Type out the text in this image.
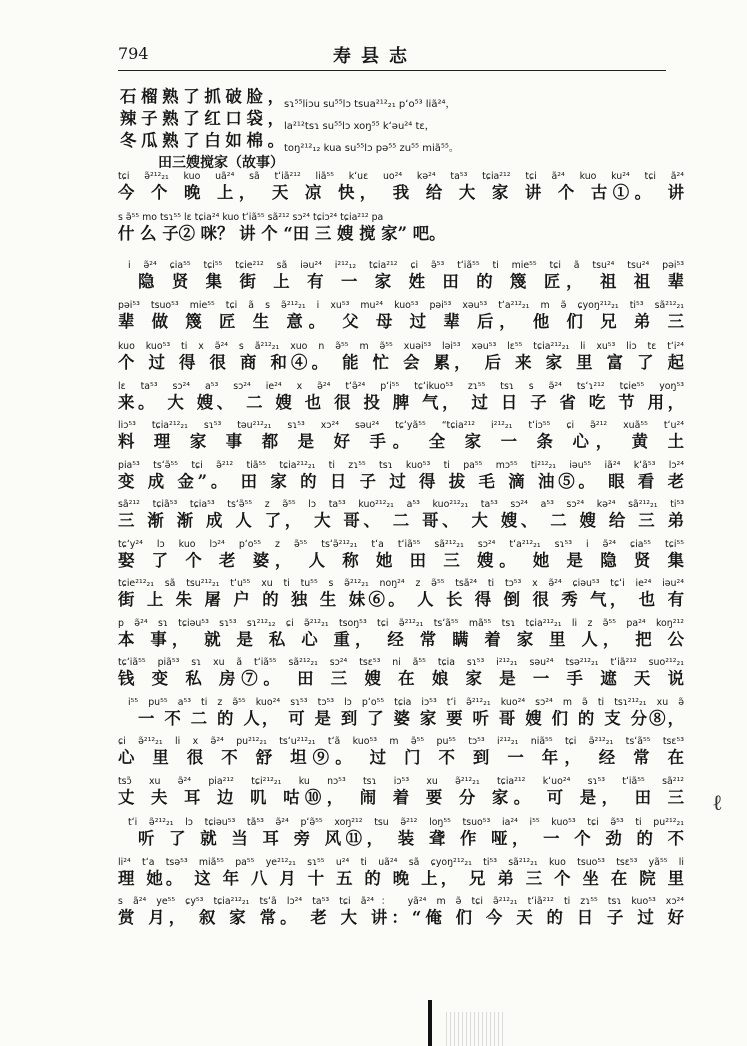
794	寿县志
石榴熟了抓破脸，sɿ⁵⁵liɔu su⁵⁵lɔ tsua²¹²₂₁ pʻo⁵³ liã²⁴，
辣子熟了红口袋，la²¹²tsɿ su⁵⁵lɔ xoŋ⁵⁵ kʻəu²⁴ tɛ，
冬瓜熟了白如棉。toŋ²¹²₁₂ kua su⁵⁵lɔ pə⁵⁵ zu⁵⁵ miã⁵⁵。
田三嫂搅家（故事）
tɕi ə̃²¹²₂₁ kuo uã²⁴ sã tʻiã²¹² liã⁵⁵ kʻuɛ uo²⁴ kə²⁴ ta⁵³ tɕia²¹² tɕi ã²⁴ kuo ku²⁴ tɕi ã²⁴
今 个 晚 上， 天 凉 快， 我 给 大 家 讲 个 古①。 讲
s ə̃⁵⁵ mo tsɿ⁵⁵ lɛ tɕia²⁴ kuo tʻiã⁵⁵ sã²¹² sɔ²⁴ tɕiɔ²⁴ tɕia²¹² pa
什 么 子② 咪？ 讲 个 “田 三 嫂 搅 家” 吧。
i ə̃²⁴ ɕia⁵⁵ tɕi⁵⁵ tɕie²¹² sã iəu²⁴ i²¹²₁₂ tɕia²¹² ɕi ə̃⁵³ tʻiã⁵⁵ ti mie⁵⁵ tɕi ã tsu²⁴ tsu²⁴ pəi⁵³
隐 贤 集 街 上 有 一 家 姓 田 的 篾 匠， 祖 祖 辈
pəi⁵³ tsuo⁵³ mie⁵⁵ tɕi ã s ə̃²¹²₂₁ i xu⁵³ mu²⁴ kuo⁵³ pəi⁵³ xəu⁵³ tʻa²¹²₂₁ m ə̃ ɕyoŋ²¹²₂₁ ti⁵³ sã²¹²₂₁
辈 做 篾 匠 生 意。 父 母 过 辈 后， 他 们 兄 弟 三
kuo kuo⁵³ ti x ə̃²⁴ s ã²¹²₂₁ xuo n ə̃⁵⁵ m ə̃⁵⁵ xuəi⁵³ ləi⁵³ xəu⁵³ lɛ⁵⁵ tɕia²¹²₂₁ li xu⁵³ liɔ tɛ tʻi²⁴
个 过 得 很 商 和④。 能 忙 会 累， 后 来 家 里 富 了 起
lɛ ta⁵³ sɔ²⁴ a⁵³ sɔ²⁴ ie²⁴ x ə̃²⁴ tʻə̃²⁴ pʻi⁵⁵ tɕʻikuo⁵³ zɿ⁵⁵ tsɿ s ə̃²⁴ tsʻɿ²¹² tɕie⁵⁵ yoŋ⁵³
来。 大 嫂、 二 嫂 也 很 投 脾 气， 过 日 子 省 吃 节 用，
liɔ⁵³ tɕia²¹²₂₁ sɿ⁵³ təu²¹²₂₁ sɿ⁵³ xɔ²⁴ səu²⁴ tɕʻyã⁵⁵ “tɕia²¹² i²¹²₂₁ tʻiɔ⁵⁵ ɕi ə̃²¹² xuã⁵⁵ tʻu²⁴
料 理 家 事 都 是 好 手。 全 家 一 条 心， 黄 土
pia⁵³ tsʻə̃⁵⁵ tɕi ə̃²¹² tiã⁵⁵ tɕia²¹²₂₁ ti zɿ⁵⁵ tsɿ kuo⁵³ ti pa⁵⁵ mɔ⁵⁵ ti²¹²₂₁ iəu⁵⁵ iã²⁴ kʻã⁵³ lɔ²⁴
变 成 金”。 田 家 的 日 子 过 得 拔 毛 滴 油⑤。 眼 看 老
sã²¹² tɕiã⁵³ tɕia⁵³ tsʻə̃⁵⁵ z ə̃⁵⁵ lɔ ta⁵³ kuo²¹²₂₁ a⁵³ kuo²¹²₂₁ ta⁵³ sɔ²⁴ a⁵³ sɔ²⁴ kə²⁴ sã²¹²₂₁ ti⁵³
三 渐 渐 成 人 了， 大 哥、 二 哥、 大 嫂、 二 嫂 给 三 弟
tɕʻy²⁴ lɔ kuo lɔ²⁴ pʻo⁵⁵ z ə̃⁵⁵ tsʻə̃²¹²₂₁ tʻa tʻiã⁵⁵ sã²¹²₂₁ sɔ²⁴ tʻa²¹²₂₁ sɿ⁵³ i ə̃²⁴ ɕia⁵⁵ tɕi⁵⁵
娶 了 个 老 婆， 人 称 她 田 三 嫂。 她 是 隐 贤 集
tɕie²¹²₂₁ sã tsu²¹²₂₁ tʻu⁵⁵ xu ti tu⁵⁵ s ə̃²¹²₂₁ noŋ²⁴ z ə̃⁵⁵ tsã²⁴ ti tɔ⁵³ x ə̃²⁴ ɕiəu⁵³ tɕʻi ie²⁴ iəu²⁴
街 上 朱 屠 户 的 独 生 妹⑥。 人 长 得 倒 很 秀 气， 也 有
p ə̃²⁴ sɿ tɕiəu⁵³ sɿ⁵³ sɿ²¹²₁₂ ɕi ə̃²¹²₂₁ tsoŋ⁵³ tɕi ə̃²¹²₂₁ tsʻã⁵⁵ mã⁵⁵ tsɿ tɕia²¹²₂₁ li z ə̃⁵⁵ pa²⁴ koŋ²¹²
本 事， 就 是 私 心 重， 经 常 瞒 着 家 里 人， 把 公
tɕʻiã⁵⁵ piã⁵³ sɿ xu ã tʻiã⁵⁵ sã²¹²₂₁ sɔ²⁴ tsɛ⁵³ ni ã⁵⁵ tɕia sɿ⁵³ i²¹²₂₁ səu²⁴ tsə²¹²₂₁ tʻiã²¹² suo²¹²₂₁
钱 变 私 房⑦。 田 三 嫂 在 娘 家 是 一 手 遮 天 说
i⁵⁵ pu⁵⁵ a⁵³ ti z ə̃⁵⁵ kuo²⁴ sɿ⁵³ tɔ⁵³ lɔ pʻo⁵⁵ tɕia iɔ⁵³ tʻi ə̃²¹²₂₁ kuo²⁴ sɔ²⁴ m ə̃ ti tsɿ²¹²₂₁ xu ə̃
一 不 二 的 人， 可 是 到 了 婆 家 要 听 哥 嫂 们 的 支 分⑧，
ɕi ə̃²¹²₂₁ li x ə̃²⁴ pu²¹²₂₁ tsʻu²¹²₂₁ tʻã kuo⁵³ m ə̃⁵⁵ pu⁵⁵ tɔ⁵³ i²¹²₂₁ niã⁵⁵ tɕi ə̃²¹²₂₁ tsʻã⁵⁵ tsɛ⁵³
心 里 很 不 舒 坦⑨。 过 门 不 到 一 年， 经 常 在
tsɔ̃ xu ə̃²⁴ pia²¹² tɕi²¹²₂₁ ku nɔ⁵³ tsɿ iɔ⁵³ xu ə̃²¹²₂₁ tɕia²¹² kʻuo²⁴ sɿ⁵³ tʻiã⁵⁵ sã²¹²
丈 夫 耳 边 叽 咕⑩， 闹 着 要 分 家。 可 是， 田 三
tʻi ə̃²¹²₂₁ lɔ tɕiəu⁵³ tã⁵³ ə̃²⁴ pʻə̃⁵⁵ xoŋ²¹² tsu ə̃²¹² loŋ⁵⁵ tsuo⁵³ ia²⁴ i⁵⁵ kuo⁵³ tɕi ə̃⁵³ ti pu²¹²₂₁
听 了 就 当 耳 旁 风⑪， 装 聋 作 哑， 一 个 劲 的 不
li²⁴ tʻa tsə⁵³ miã⁵⁵ pa⁵⁵ ye²¹²₂₁ sɿ⁵⁵ u²⁴ ti uã²⁴ sã ɕyoŋ²¹²₂₁ ti⁵³ sã²¹²₂₁ kuo tsuo⁵³ tsɛ⁵³ yã⁵⁵ li
理 她。 这 年 八 月 十 五 的 晚 上， 兄 弟 三 个 坐 在 院 里
s ã²⁴ ye⁵⁵ ɕy⁵³ tɕia²¹²₂₁ tsʻã lɔ²⁴ ta⁵³ tɕi ã²⁴： yã²⁴ m ə̃ tɕi ə̃²¹²₂₁ tʻiã²¹² ti zɿ⁵⁵ tsɿ kuo⁵³ xɔ²⁴
赏 月， 叙 家 常。 老 大 讲：“俺 们 今 天 的 日 子 过 好
ℓ
